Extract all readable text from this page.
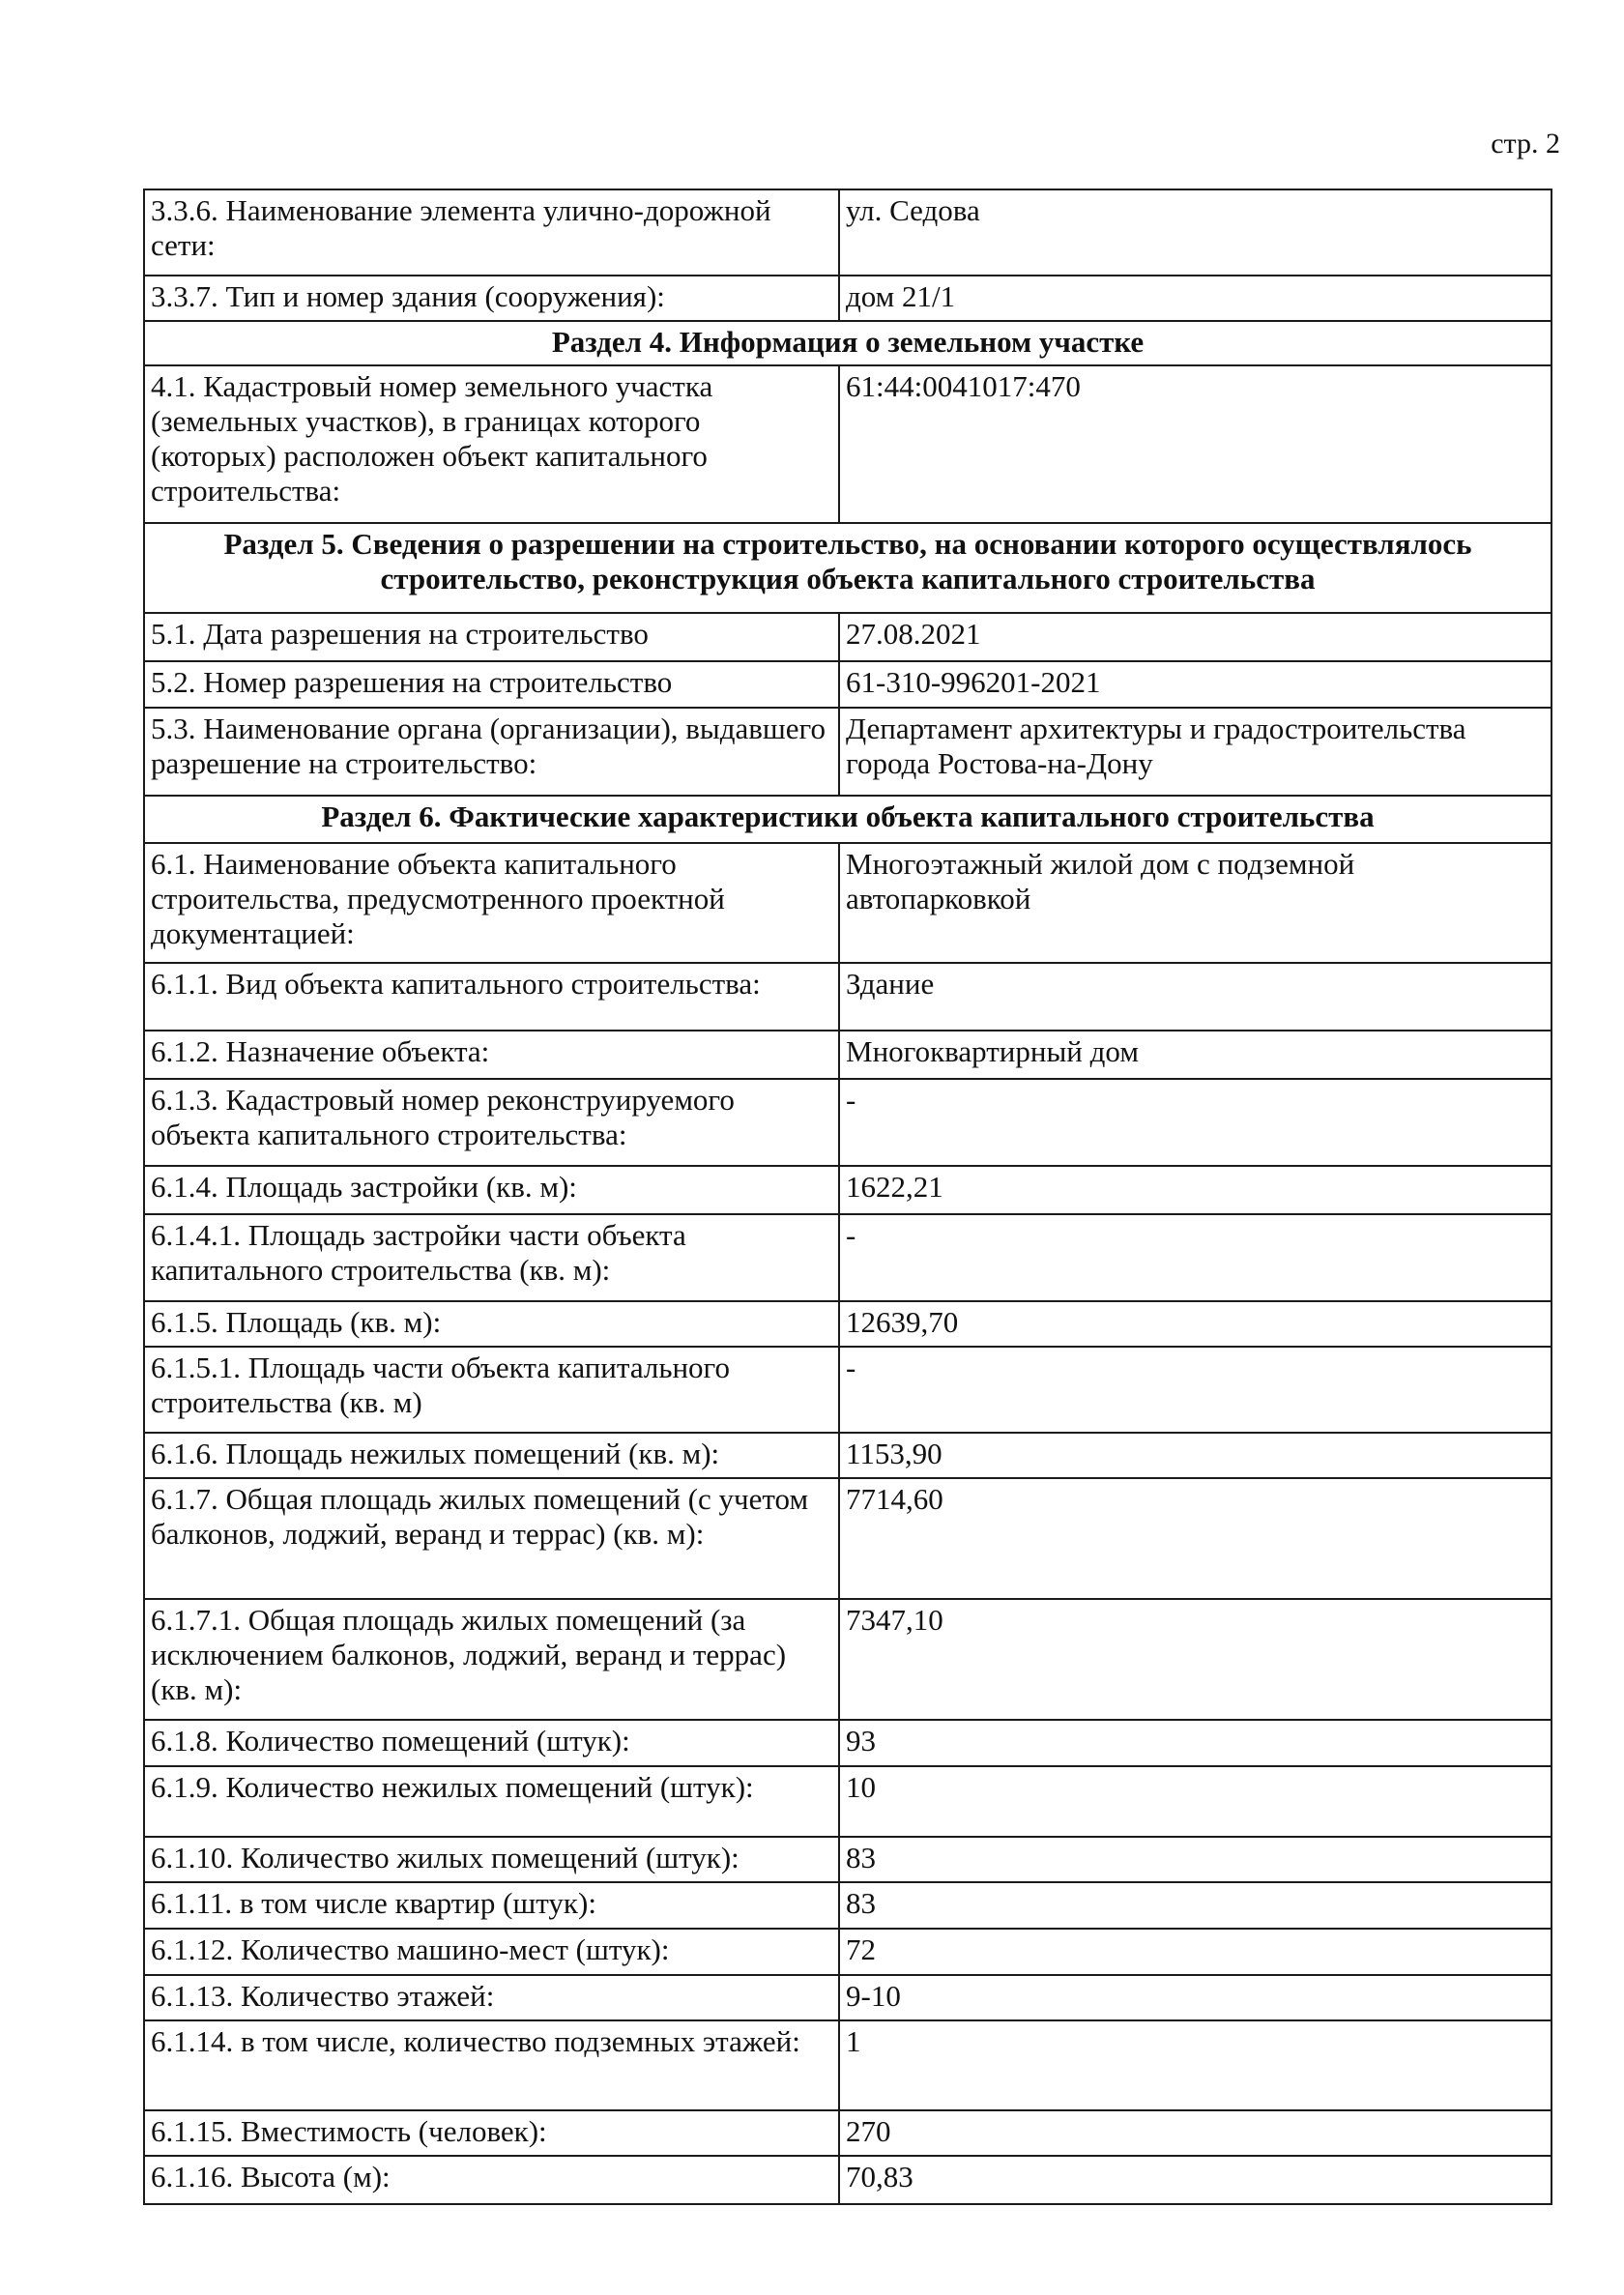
стр. 2
3.3.6. Наименование элемента улично-дорожной сети:	ул. Седова
3.3.7. Тип и номер здания (сооружения):	дом 21/1
Раздел 4. Информация о земельном участке	
4.1. Кадастровый номер земельного участка (земельных участков), в границах которого (которых) расположен объект капитального строительства:	61:44:0041017:470
Раздел 5. Сведения о разрешении на строительство, на основании которого осуществлялось строительство, реконструкция объекта капитального строительства	
5.1. Дата разрешения на строительство	27.08.2021
5.2. Номер разрешения на строительство	61-310-996201-2021
5.3. Наименование органа (организации), выдавшего разрешение на строительство:	Департамент архитектуры и градостроительства города Ростова-на-Дону
Раздел 6. Фактические характеристики объекта капитального строительства	
6.1. Наименование объекта капитального строительства, предусмотренного проектной документацией:	Многоэтажный жилой дом с подземной автопарковкой
6.1.1. Вид объекта капитального строительства:	Здание
6.1.2. Назначение объекта:	Многоквартирный дом
6.1.3. Кадастровый номер реконструируемого объекта капитального строительства:	-
6.1.4. Площадь застройки (кв. м):	1622,21
6.1.4.1. Площадь застройки части объекта капитального строительства (кв. м):	-
6.1.5. Площадь (кв. м):	12639,70
6.1.5.1. Площадь части объекта капитального строительства (кв. м)	-
6.1.6. Площадь нежилых помещений (кв. м):	1153,90
6.1.7. Общая площадь жилых помещений (с учетом балконов, лоджий, веранд и террас) (кв. м):	7714,60
6.1.7.1. Общая площадь жилых помещений (за исключением балконов, лоджий, веранд и террас) (кв. м):	7347,10
6.1.8. Количество помещений (штук):	93
6.1.9. Количество нежилых помещений (штук):	10
6.1.10. Количество жилых помещений (штук):	83
6.1.11. в том числе квартир (штук):	83
6.1.12. Количество машино-мест (штук):	72
6.1.13. Количество этажей:	9-10
6.1.14. в том числе, количество подземных этажей:	1
6.1.15. Вместимость (человек):	270
6.1.16. Высота (м):	70,83
